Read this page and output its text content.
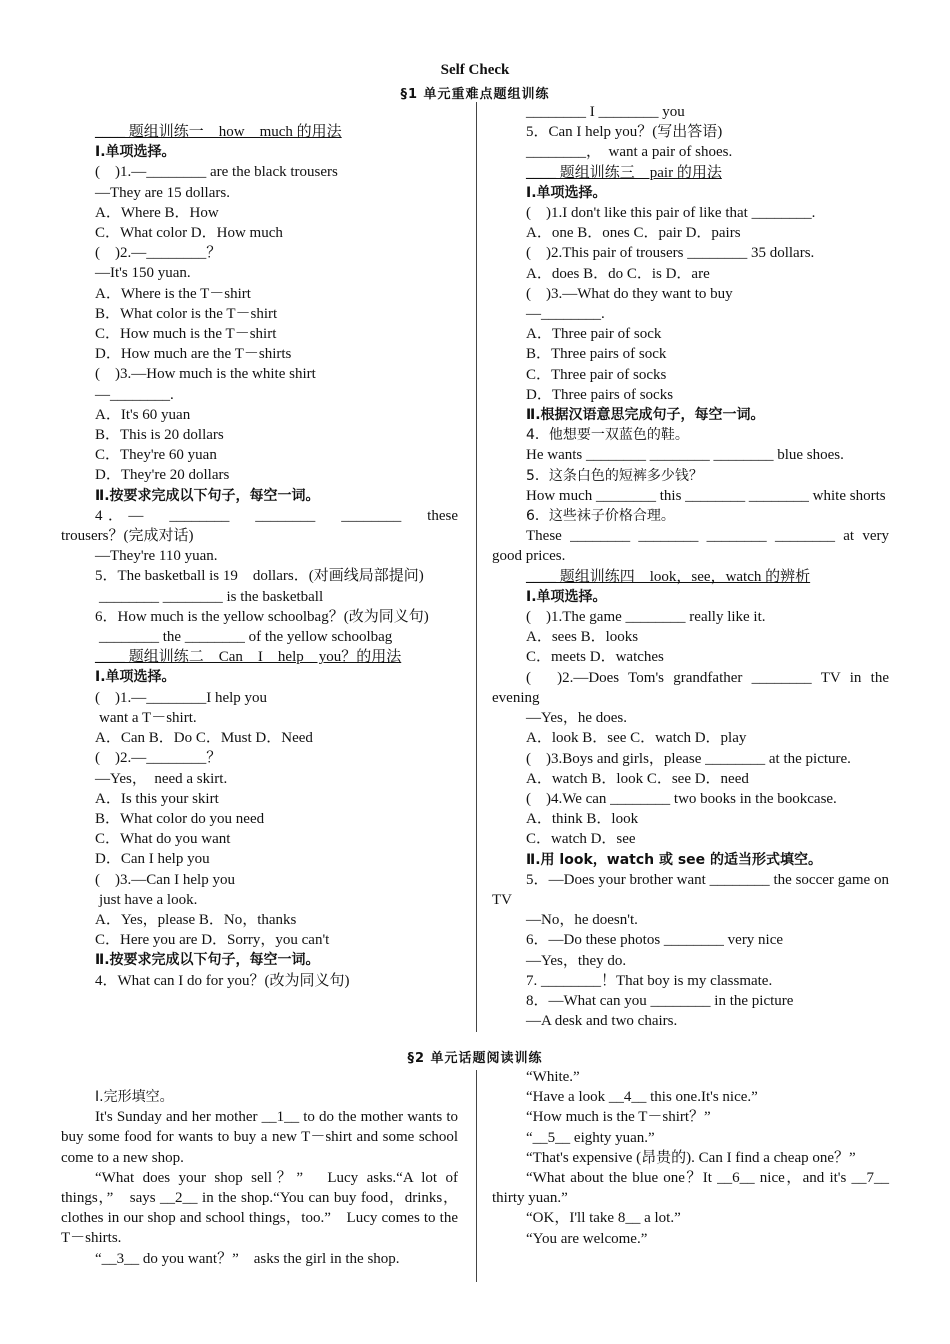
Self Check
§1 单元重难点题组训练
____ 题组训练一　how　much 的用法
Ⅰ.单项选择。
(　)1.—________ are the black trousers
—They are 15 dollars.
A．Where B．How
C．What color D．How much
(　)2.—________？
—It's 150 yuan.
A．Where is the T－shirt
B．What color is the T－shirt
C．How much is the T－shirt
D．How much are the T－shirts
(　)3.—How much is the white shirt
—________.
A．It's 60 yuan
B．This is 20 dollars
C．They're 60 yuan
D．They're 20 dollars
Ⅱ.按要求完成以下句子，每空一词。
4．—　________　________　________　these trousers？(完成对话)
—They're 110 yuan.
5．The basketball is 19　dollars．(对画线局部提问)
________ ________ is the basketball
6．How much is the yellow schoolbag？(改为同义句)
________ the ________ of the yellow schoolbag
____ 题组训练二　Can　I　help　you？的用法
Ⅰ.单项选择。
(　)1.—________I help you
want a T－shirt.
A．Can B．Do C．Must D．Need
(　)2.—________？
—Yes，　need a skirt.
A．Is this your skirt
B．What color do you need
C．What do you want
D．Can I help you
(　)3.—Can I help you
just have a look.
A．Yes，please B．No，thanks
C．Here you are D．Sorry，you can't
Ⅱ.按要求完成以下句子，每空一词。
4．What can I do for you？(改为同义句)
________ I ________ you
5．Can I help you？(写出答语)
________，　want a pair of shoes.
____ 题组训练三　pair 的用法
Ⅰ.单项选择。
(　)1.I don't like this pair of like that ________.
A．one B．ones C．pair D．pairs
(　)2.This pair of trousers ________ 35 dollars.
A．does B．do C．is D．are
(　)3.—What do they want to buy
—________.
A．Three pair of sock
B．Three pairs of sock
C．Three pair of socks
D．Three pairs of socks
Ⅱ.根据汉语意思完成句子，每空一词。
4．他想要一双蓝色的鞋。
He wants ________ ________ ________ blue shoes.
5．这条白色的短裤多少钱？
How much ________ this ________ ________ white shorts
6．这些袜子价格合理。
These ________ ________ ________ ________ at very good prices.
____ 题组训练四　look，see，watch 的辨析
Ⅰ.单项选择。
(　)1.The game ________ really like it.
A．sees B．looks
C．meets D．watches
(　)2.—Does Tom's grandfather ________ TV in the evening
—Yes，he does.
A．look B．see C．watch D．play
(　)3.Boys and girls，please ________ at the picture.
A．watch B．look C．see D．need
(　)4.We can ________ two books in the bookcase.
A．think B．look
C．watch D．see
Ⅱ.用 look，watch 或 see 的适当形式填空。
5．—Does your brother want ________ the soccer game on TV
—No，he doesn't.
6．—Do these photos ________ very nice
—Yes，they do.
7. ________！That boy is my classmate.
8．—What can you ________ in the picture
—A desk and two chairs.
§2 单元话题阅读训练
Ⅰ.完形填空。
It's Sunday and her mother __1__ to do the mother wants to buy some food for wants to buy a new T－shirt and some school come to a new shop.
“What does your shop sell？”　Lucy asks.“A lot of things，”　says __2__ in the shop.“You can buy food，drinks，clothes in our shop and school things，too.”　Lucy comes to the T－shirts.
“__3__ do you want？”　asks the girl in the shop.
“White.”
“Have a look __4__ this one.It's nice.”
“How much is the T－shirt？”
“__5__ eighty yuan.”
“That's expensive (昂贵的). Can I find a cheap one？”
“What about the blue one？It __6__ nice，and it's __7__ thirty yuan.”
“OK，I'll take 8__ a lot.”
“You are welcome.”
